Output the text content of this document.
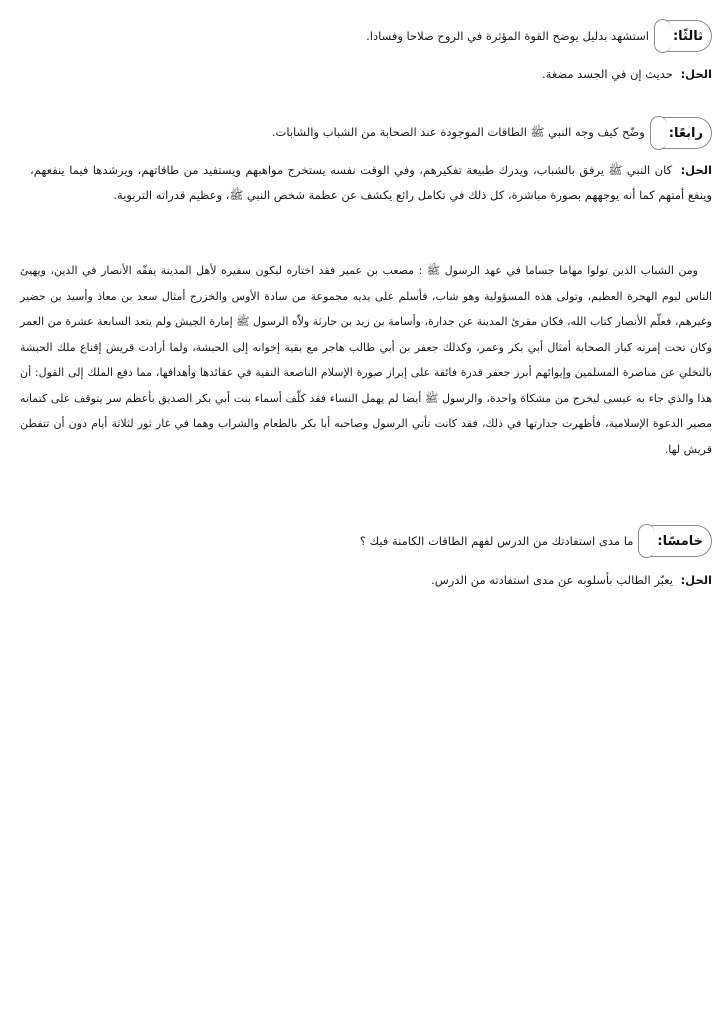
ثالثًا:
استشهد بدليل يوضح القوة المؤثرة في الروح صلاحا وفسادا.
الحل: حديث إن في الجسد مضغة.
رابعًا:
وضّح كيف وجه النبي ﷺ الطاقات الموجودة عند الصحابة من الشباب والشابات.
الحل: كان النبي ﷺ يرفق بالشباب، ويدرك طبيعة تفكيرهم، وفي الوقت نفسه يستخرج مواهبهم ويستفيد من طاقاتهم، ويرشدها فيما ينفعهم، وينفع أمتهم كما أنه يوجههم بصورة مباشرة، كل ذلك في تكامل رائع يكشف عن عظمة شخص النبي ﷺ، وعظيم قدراته التربوية.
ومن الشباب الذين تولوا مهاما جساما في عهد الرسول ﷺ : مصعب بن عمير فقد اختاره ليكون سفيره لأهل المدينة يفقّه الأنصار في الدين، ويهيئ الناس ليوم الهجرة العظيم، وتولى هذه المسؤولية وهو شاب، فأسلم على يديه مجموعة من سادة الأوس والخزرج أمثال سعد بن معاذ وأسيد بن حضير وغيرهم، فعلّم الأنصار كتاب الله، فكان مقرئ المدينة عن جدارة، وأسامة بن زيد بن حارثة ولاّه الرسول ﷺ إمارة الجيش ولم يتعد السابعة عشرة من العمر وكان تحت إمرته كبار الصحابة أمثال أبي بكر وعمر، وكذلك جعفر بن أبي طالب هاجر مع بقية إخوانه إلى الحبشة، ولما أرادت قريش إقناع ملك الحبشة بالتخلي عن مناصرة المسلمين وإيوائهم أبرز جعفر قدرة فائقة على إبراز صورة الإسلام الناصعة النقية في عقائدها وأهدافها، مما دفع الملك إلى القول: أن هذا والذي جاء به عيسى ليخرج من مشكاة واحدة، والرسول ﷺ أيضا لم يهمل النساء فقد كلّف أسماء بنت أبي بكر الصديق بأعظم سر يتوقف على كتمانه مصير الدعوة الإسلامية، فأظهرت جدارتها في ذلك، فقد كانت تأتي الرسول وصاحبه أبا بكر بالطعام والشراب وهما في غار ثور لثلاثة أيام دون أن تتفطن قريش لها.
خامسًا:
ما مدى استفادتك من الدرس لفهم الطاقات الكامنة فيك ؟
الحل: يعبّر الطالب بأسلوبه عن مدى استفادته من الدرس.
